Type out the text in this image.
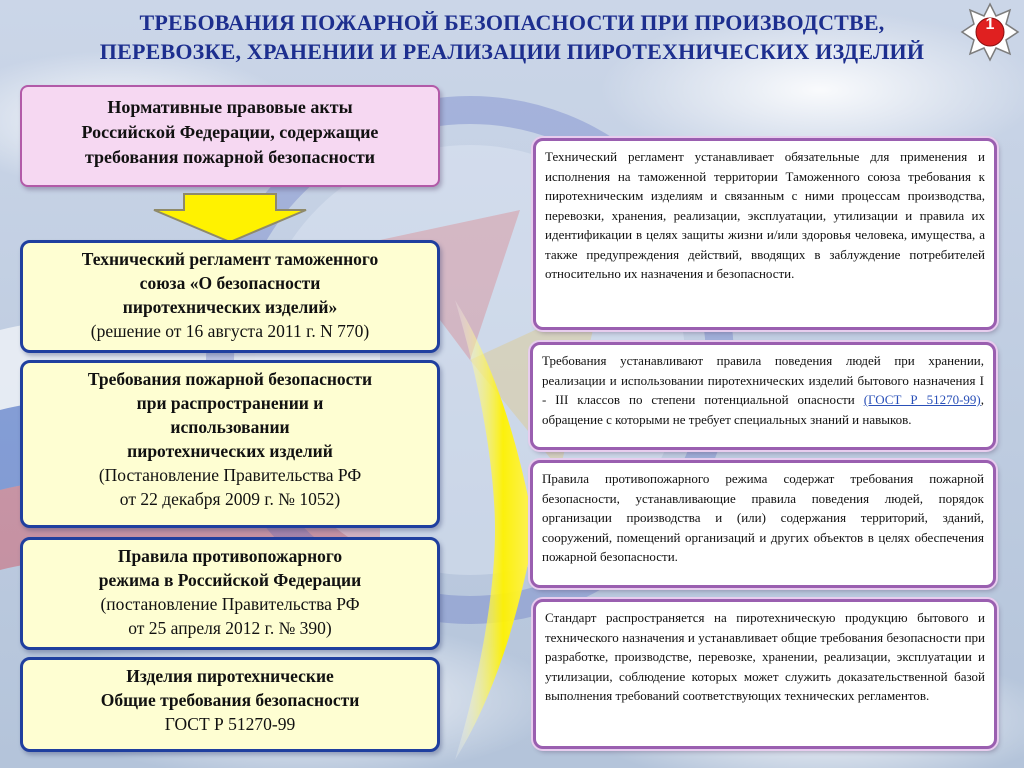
ТРЕБОВАНИЯ ПОЖАРНОЙ БЕЗОПАСНОСТИ ПРИ ПРОИЗВОДСТВЕ,
ПЕРЕВОЗКЕ, ХРАНЕНИИ И РЕАЛИЗАЦИИ ПИРОТЕХНИЧЕСКИХ ИЗДЕЛИЙ
1
Нормативные правовые акты
Российской Федерации, содержащие
требования пожарной безопасности
Технический регламент таможенного
союза «О безопасности
пиротехнических изделий»
(решение от 16 августа 2011 г. N 770)
Требования пожарной безопасности
при распространении и
использовании
пиротехнических изделий
(Постановление Правительства РФ
от 22 декабря 2009 г. № 1052)
Правила противопожарного
режима в Российской Федерации
(постановление Правительства РФ
от 25 апреля 2012 г. № 390)
Изделия пиротехнические
Общие требования безопасности
ГОСТ Р 51270-99
Технический регламент устанавливает обязательные для применения и исполнения на таможенной территории Таможенного союза требования к пиротехническим изделиям и связанным с ними процессам производства, перевозки, хранения, реализации, эксплуатации, утилизации и правила их идентификации в целях защиты жизни и/или здоровья человека, имущества, а также предупреждения действий, вводящих в заблуждение потребителей относительно их назначения и безопасности.
Требования устанавливают правила поведения людей при хранении, реализации и использовании пиротехнических изделий бытового назначения I - III классов по степени потенциальной опасности (ГОСТ Р 51270-99), обращение с которыми не требует специальных знаний и навыков.
Правила противопожарного режима содержат требования пожарной безопасности, устанавливающие правила поведения людей, порядок организации производства и (или) содержания территорий, зданий, сооружений, помещений организаций и других объектов в целях обеспечения пожарной безопасности.
Стандарт распространяется на пиротехническую продукцию бытового и технического назначения и устанавливает общие требования безопасности при разработке, производстве, перевозке, хранении, реализации, эксплуатации и утилизации, соблюдение которых может служить доказательственной базой выполнения требований соответствующих технических регламентов.
